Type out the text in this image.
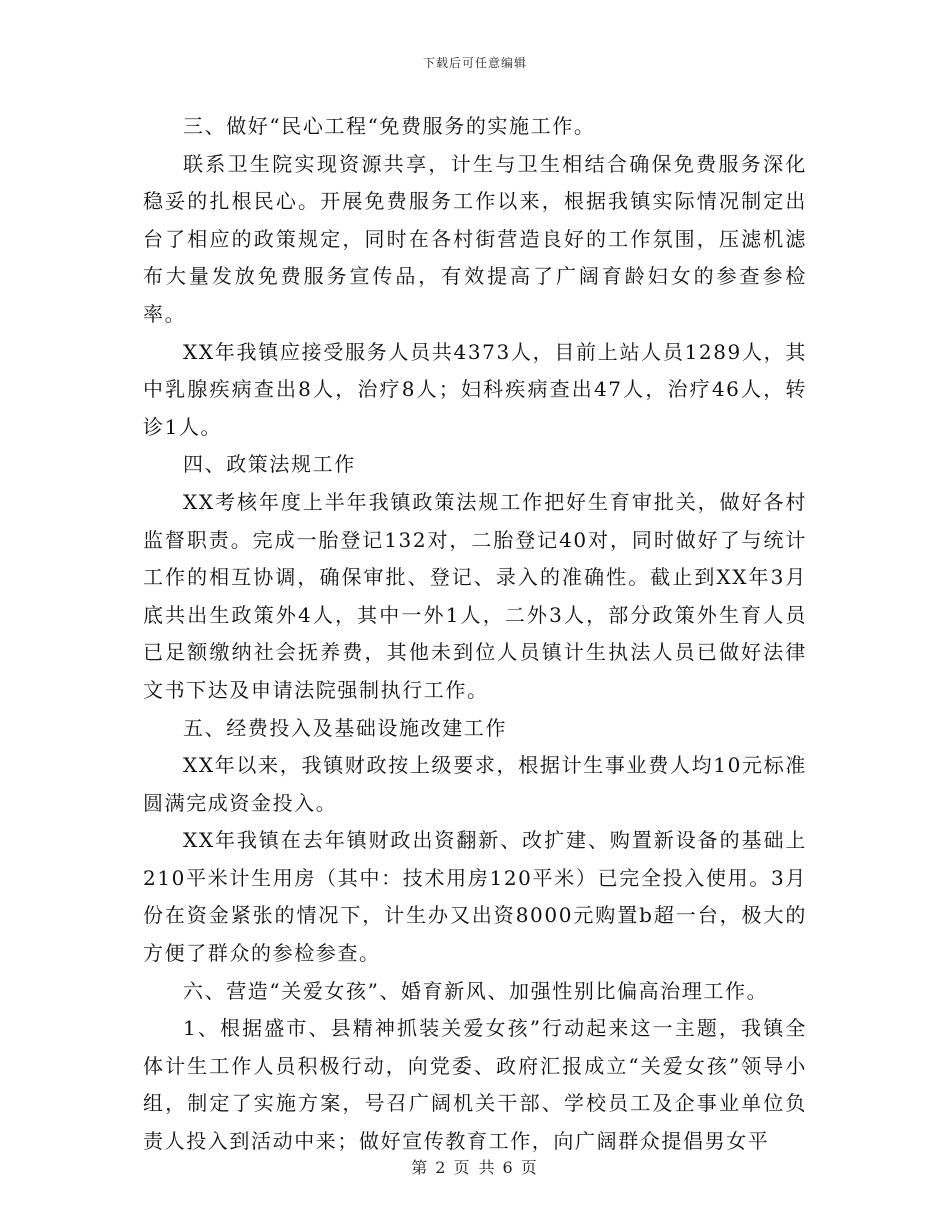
下载后可任意编辑

三、做好“民心工程“免费服务的实施工作。

联系卫生院实现资源共享，计生与卫生相结合确保免费服务深化稳妥的扎根民心。开展免费服务工作以来，根据我镇实际情况制定出台了相应的政策规定，同时在各村街营造良好的工作氛围，压滤机滤布大量发放免费服务宣传品，有效提高了广阔育龄妇女的参查参检率。

XX年我镇应接受服务人员共4373人，目前上站人员1289人，其中乳腺疾病查出8人，治疗8人；妇科疾病查出47人，治疗46人，转诊1人。

四、政策法规工作

XX考核年度上半年我镇政策法规工作把好生育审批关，做好各村监督职责。完成一胎登记132对，二胎登记40对，同时做好了与统计工作的相互协调，确保审批、登记、录入的准确性。截止到XX年3月底共出生政策外4人，其中一外1人，二外3人，部分政策外生育人员已足额缴纳社会抚养费，其他未到位人员镇计生执法人员已做好法律文书下达及申请法院强制执行工作。

五、经费投入及基础设施改建工作

XX年以来，我镇财政按上级要求，根据计生事业费人均10元标准圆满完成资金投入。

XX年我镇在去年镇财政出资翻新、改扩建、购置新设备的基础上210平米计生用房（其中：技术用房120平米）已完全投入使用。3月份在资金紧张的情况下，计生办又出资8000元购置b超一台，极大的方便了群众的参检参查。

六、营造“关爱女孩”、婚育新风、加强性别比偏高治理工作。

1、根据盛市、县精神抓装关爱女孩”行动起来这一主题，我镇全体计生工作人员积极行动，向党委、政府汇报成立“关爱女孩”领导小组，制定了实施方案，号召广阔机关干部、学校员工及企事业单位负责人投入到活动中来；做好宣传教育工作，向广阔群众提倡男女平

第 2 页 共 6 页
